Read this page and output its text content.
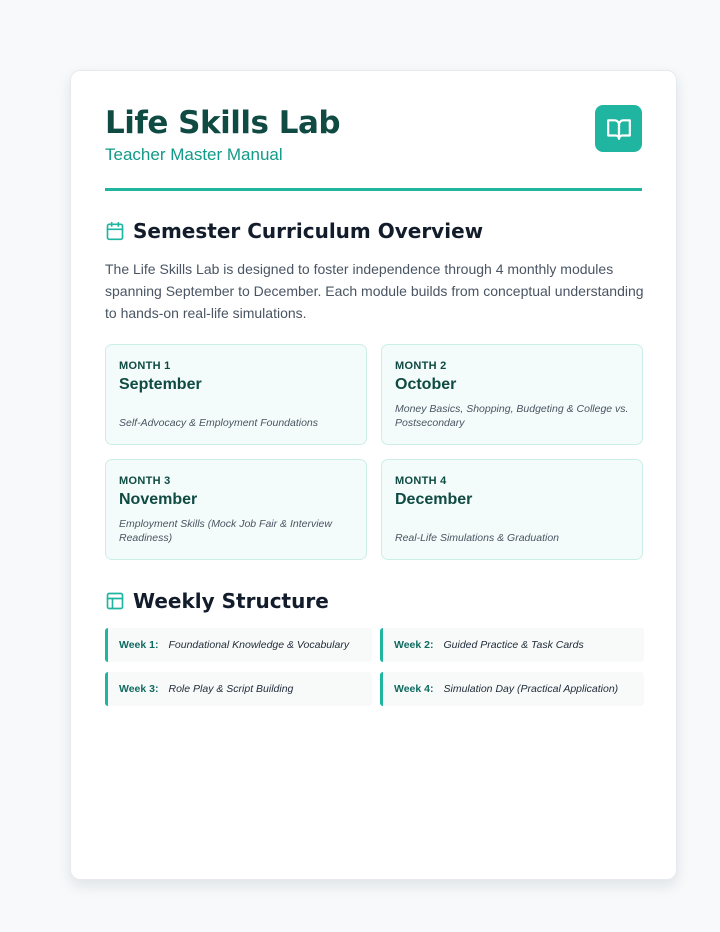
Life Skills Lab
Teacher Master Manual
Semester Curriculum Overview
The Life Skills Lab is designed to foster independence through 4 monthly modules spanning September to December. Each module builds from conceptual understanding to hands-on real-life simulations.
MONTH 1
September
Self-Advocacy & Employment Foundations
MONTH 2
October
Money Basics, Shopping, Budgeting & College vs. Postsecondary
MONTH 3
November
Employment Skills (Mock Job Fair & Interview Readiness)
MONTH 4
December
Real-Life Simulations & Graduation
Weekly Structure
Week 1: Foundational Knowledge & Vocabulary	Week 2: Guided Practice & Task Cards
Week 3: Role Play & Script Building	Week 4: Simulation Day (Practical Application)
